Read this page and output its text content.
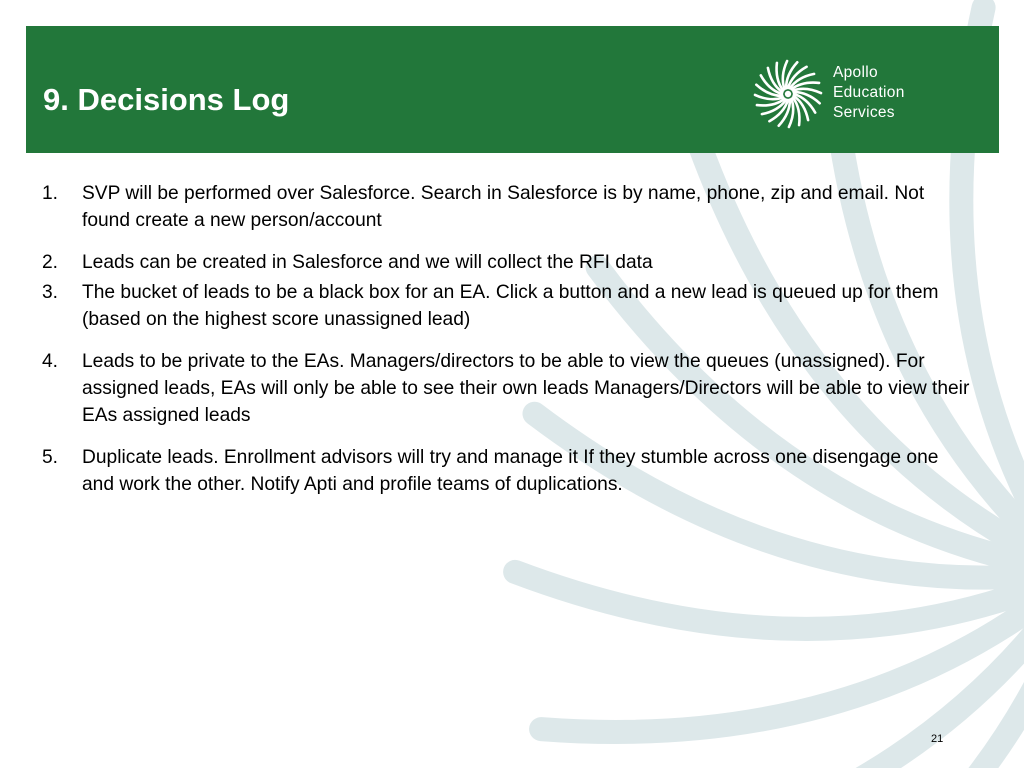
9. Decisions Log
Apollo
Education
Services
1. SVP will be performed over Salesforce. Search in Salesforce is by name, phone, zip and email. Not found create a new person/account
2. Leads can be created in Salesforce and we will collect the RFI data
3. The bucket of leads to be a black box for an EA. Click a button and a new lead is queued up for them (based on the highest score unassigned lead)
4. Leads to be private to the EAs. Managers/directors to be able to view the queues (unassigned). For assigned leads, EAs will only be able to see their own leads Managers/Directors will be able to view their EAs assigned leads
5. Duplicate leads. Enrollment advisors will try and manage it If they stumble across one disengage one and work the other. Notify Apti and profile teams of duplications.
21
